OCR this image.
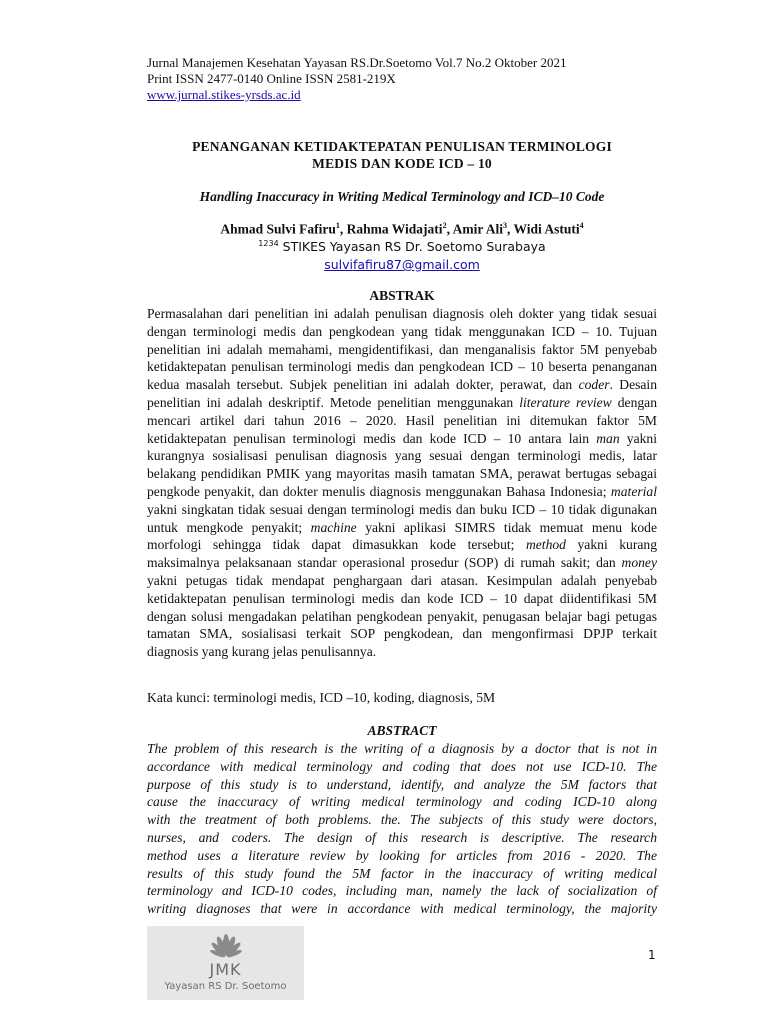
Jurnal Manajemen Kesehatan Yayasan RS.Dr.Soetomo Vol.7 No.2 Oktober 2021
Print ISSN 2477-0140 Online ISSN 2581-219X
www.jurnal.stikes-yrsds.ac.id
PENANGANAN KETIDAKTEPATAN PENULISAN TERMINOLOGI
MEDIS DAN KODE ICD – 10
Handling Inaccuracy in Writing Medical Terminology and ICD–10 Code
Ahmad Sulvi Fafiru$^1$, Rahma Widajati$^2$, Amir Ali$^3$, Widi Astuti$^4$
$^{1234}$ STIKES Yayasan RS Dr. Soetomo Surabaya
sulvifafiru87@gmail.com
ABSTRAK
Permasalahan dari penelitian ini adalah penulisan diagnosis oleh dokter yang tidak sesuai dengan terminologi medis dan pengkodean yang tidak menggunakan ICD – 10. Tujuan penelitian ini adalah memahami, mengidentifikasi, dan menganalisis faktor 5M penyebab ketidaktepatan penulisan terminologi medis dan pengkodean ICD – 10 beserta penanganan kedua masalah tersebut. Subjek penelitian ini adalah dokter, perawat, dan coder. Desain penelitian ini adalah deskriptif. Metode penelitian menggunakan literature review dengan mencari artikel dari tahun 2016 – 2020. Hasil penelitian ini ditemukan faktor 5M ketidaktepatan penulisan terminologi medis dan kode ICD – 10 antara lain man yakni kurangnya sosialisasi penulisan diagnosis yang sesuai dengan terminologi medis, latar belakang pendidikan PMIK yang mayoritas masih tamatan SMA, perawat bertugas sebagai pengkode penyakit, dan dokter menulis diagnosis menggunakan Bahasa Indonesia; material yakni singkatan tidak sesuai dengan terminologi medis dan buku ICD – 10 tidak digunakan untuk mengkode penyakit; machine yakni aplikasi SIMRS tidak memuat menu kode morfologi sehingga tidak dapat dimasukkan kode tersebut; method yakni kurang maksimalnya pelaksanaan standar operasional prosedur (SOP) di rumah sakit; dan money yakni petugas tidak mendapat penghargaan dari atasan. Kesimpulan adalah penyebab ketidaktepatan penulisan terminologi medis dan kode ICD – 10 dapat diidentifikasi 5M dengan solusi mengadakan pelatihan pengkodean penyakit, penugasan belajar bagi petugas tamatan SMA, sosialisasi terkait SOP pengkodean, dan mengonfirmasi DPJP terkait diagnosis yang kurang jelas penulisannya.
Kata kunci: terminologi medis, ICD –10, koding, diagnosis, 5M
ABSTRACT
The problem of this research is the writing of a diagnosis by a doctor that is not in
accordance with medical terminology and coding that does not use ICD-10. The
purpose of this study is to understand, identify, and analyze the 5M factors that
cause the inaccuracy of writing medical terminology and coding ICD-10 along
with the treatment of both problems. the. The subjects of this study were doctors,
nurses, and coders. The design of this research is descriptive. The research
method uses a literature review by looking for articles from 2016 - 2020. The
results of this study found the 5M factor in the inaccuracy of writing medical
terminology and ICD-10 codes, including man, namely the lack of socialization of
writing diagnoses that were in accordance with medical terminology, the majority
JMK
Yayasan RS Dr. Soetomo
1
